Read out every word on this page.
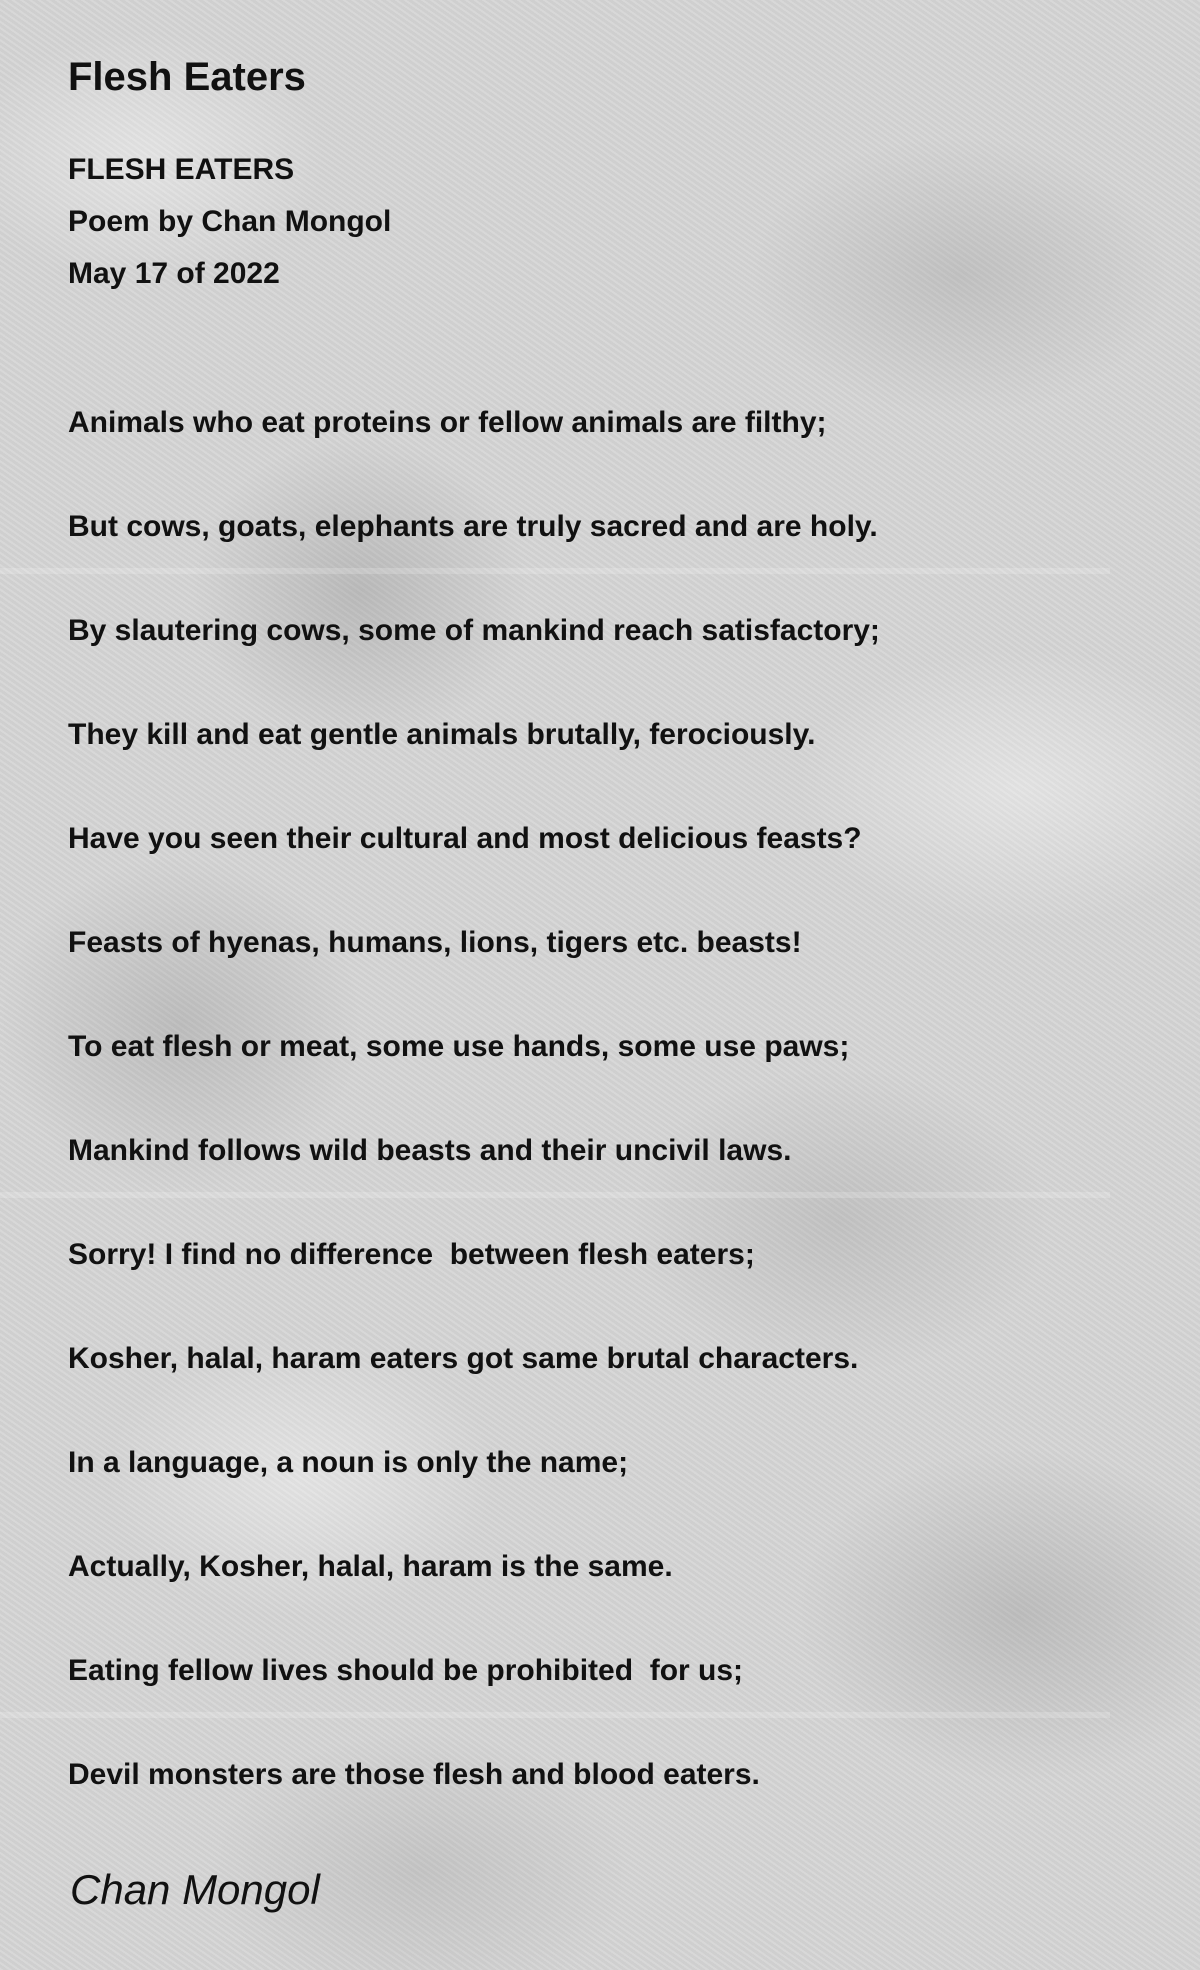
Flesh Eaters
FLESH EATERS
Poem by Chan Mongol
May 17 of 2022
Animals who eat proteins or fellow animals are filthy;
But cows, goats, elephants are truly sacred and are holy.
By slautering cows, some of mankind reach satisfactory;
They kill and eat gentle animals brutally, ferociously.
Have you seen their cultural and most delicious feasts?
Feasts of hyenas, humans, lions, tigers etc. beasts!
To eat flesh or meat, some use hands, some use paws;
Mankind follows wild beasts and their uncivil laws.
Sorry! I find no difference  between flesh eaters;
Kosher, halal, haram eaters got same brutal characters.
In a language, a noun is only the name;
Actually, Kosher, halal, haram is the same.
Eating fellow lives should be prohibited  for us;
Devil monsters are those flesh and blood eaters.
Chan Mongol
